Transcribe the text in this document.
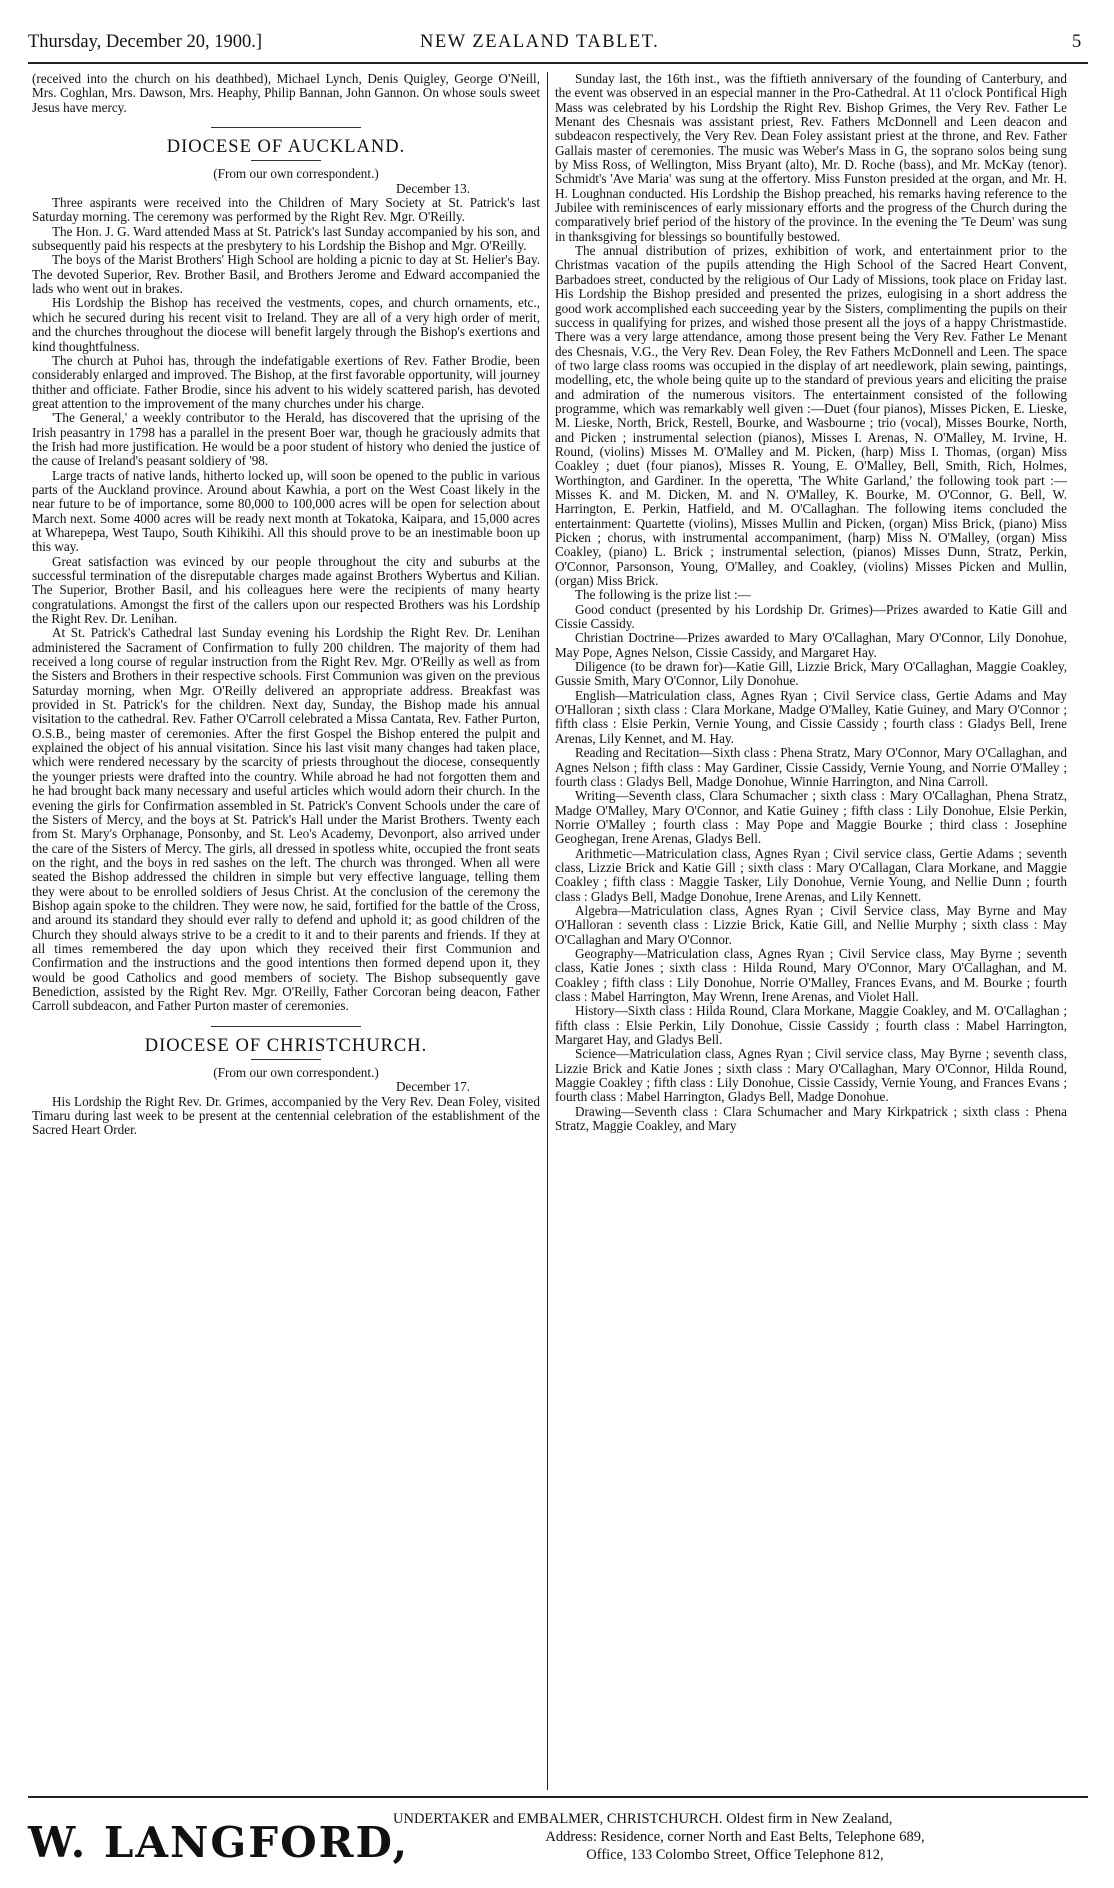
Thursday, December 20, 1900.]	NEW ZEALAND TABLET.	5

(received into the church on his deathbed), Michael Lynch, Denis Quigley, George O'Neill, Mrs. Coghlan, Mrs. Dawson, Mrs. Heaphy, Philip Bannan, John Gannon. On whose souls sweet Jesus have mercy.

DIOCESE OF AUCKLAND.

(From our own correspondent.)

December 13.

Three aspirants were received into the Children of Mary Society at St. Patrick's last Saturday morning. The ceremony was performed by the Right Rev. Mgr. O'Reilly.

The Hon. J. G. Ward attended Mass at St. Patrick's last Sunday accompanied by his son, and subsequently paid his respects at the presbytery to his Lordship the Bishop and Mgr. O'Reilly.

The boys of the Marist Brothers' High School are holding a picnic to day at St. Helier's Bay. The devoted Superior, Rev. Brother Basil, and Brothers Jerome and Edward accompanied the lads who went out in brakes.

His Lordship the Bishop has received the vestments, copes, and church ornaments, etc., which he secured during his recent visit to Ireland. They are all of a very high order of merit, and the churches throughout the diocese will benefit largely through the Bishop's exertions and kind thoughtfulness.

The church at Puhoi has, through the indefatigable exertions of Rev. Father Brodie, been considerably enlarged and improved. The Bishop, at the first favorable opportunity, will journey thither and officiate. Father Brodie, since his advent to his widely scattered parish, has devoted great attention to the improvement of the many churches under his charge.

'The General,' a weekly contributor to the Herald, has discovered that the uprising of the Irish peasantry in 1798 has a parallel in the present Boer war, though he graciously admits that the Irish had more justification. He would be a poor student of history who denied the justice of the cause of Ireland's peasant soldiery of '98.

Large tracts of native lands, hitherto locked up, will soon be opened to the public in various parts of the Auckland province. Around about Kawhia, a port on the West Coast likely in the near future to be of importance, some 80,000 to 100,000 acres will be open for selection about March next. Some 4000 acres will be ready next month at Tokatoka, Kaipara, and 15,000 acres at Wharepepa, West Taupo, South Kihikihi. All this should prove to be an inestimable boon up this way.

Great satisfaction was evinced by our people throughout the city and suburbs at the successful termination of the disreputable charges made against Brothers Wybertus and Kilian. The Superior, Brother Basil, and his colleagues here were the recipients of many hearty congratulations. Amongst the first of the callers upon our respected Brothers was his Lordship the Right Rev. Dr. Lenihan.

At St. Patrick's Cathedral last Sunday evening his Lordship the Right Rev. Dr. Lenihan administered the Sacrament of Confirmation to fully 200 children. The majority of them had received a long course of regular instruction from the Right Rev. Mgr. O'Reilly as well as from the Sisters and Brothers in their respective schools. First Communion was given on the previous Saturday morning, when Mgr. O'Reilly delivered an appropriate address. Breakfast was provided in St. Patrick's for the children. Next day, Sunday, the Bishop made his annual visitation to the cathedral. Rev. Father O'Carroll celebrated a Missa Cantata, Rev. Father Purton, O.S.B., being master of ceremonies. After the first Gospel the Bishop entered the pulpit and explained the object of his annual visitation. Since his last visit many changes had taken place, which were rendered necessary by the scarcity of priests throughout the diocese, consequently the younger priests were drafted into the country. While abroad he had not forgotten them and he had brought back many necessary and useful articles which would adorn their church. In the evening the girls for Confirmation assembled in St. Patrick's Convent Schools under the care of the Sisters of Mercy, and the boys at St. Patrick's Hall under the Marist Brothers. Twenty each from St. Mary's Orphanage, Ponsonby, and St. Leo's Academy, Devonport, also arrived under the care of the Sisters of Mercy. The girls, all dressed in spotless white, occupied the front seats on the right, and the boys in red sashes on the left. The church was thronged. When all were seated the Bishop addressed the children in simple but very effective language, telling them they were about to be enrolled soldiers of Jesus Christ. At the conclusion of the ceremony the Bishop again spoke to the children. They were now, he said, fortified for the battle of the Cross, and around its standard they should ever rally to defend and uphold it; as good children of the Church they should always strive to be a credit to it and to their parents and friends. If they at all times remembered the day upon which they received their first Communion and Confirmation and the instructions and the good intentions then formed depend upon it, they would be good Catholics and good members of society. The Bishop subsequently gave Benediction, assisted by the Right Rev. Mgr. O'Reilly, Father Corcoran being deacon, Father Carroll subdeacon, and Father Purton master of ceremonies.

DIOCESE OF CHRISTCHURCH.

(From our own correspondent.)

December 17.

His Lordship the Right Rev. Dr. Grimes, accompanied by the Very Rev. Dean Foley, visited Timaru during last week to be present at the centennial celebration of the establishment of the Sacred Heart Order.

Sunday last, the 16th inst., was the fiftieth anniversary of the founding of Canterbury, and the event was observed in an especial manner in the Pro-Cathedral. At 11 o'clock Pontifical High Mass was celebrated by his Lordship the Right Rev. Bishop Grimes, the Very Rev. Father Le Menant des Chesnais was assistant priest, Rev. Fathers McDonnell and Leen deacon and subdeacon respectively, the Very Rev. Dean Foley assistant priest at the throne, and Rev. Father Gallais master of ceremonies. The music was Weber's Mass in G, the soprano solos being sung by Miss Ross, of Wellington, Miss Bryant (alto), Mr. D. Roche (bass), and Mr. McKay (tenor). Schmidt's 'Ave Maria' was sung at the offertory. Miss Funston presided at the organ, and Mr. H. H. Loughnan conducted. His Lordship the Bishop preached, his remarks having reference to the Jubilee with reminiscences of early missionary efforts and the progress of the Church during the comparatively brief period of the history of the province. In the evening the 'Te Deum' was sung in thanksgiving for blessings so bountifully bestowed.

The annual distribution of prizes, exhibition of work, and entertainment prior to the Christmas vacation of the pupils attending the High School of the Sacred Heart Convent, Barbadoes street, conducted by the religious of Our Lady of Missions, took place on Friday last. His Lordship the Bishop presided and presented the prizes, eulogising in a short address the good work accomplished each succeeding year by the Sisters, complimenting the pupils on their success in qualifying for prizes, and wished those present all the joys of a happy Christmastide. There was a very large attendance, among those present being the Very Rev. Father Le Menant des Chesnais, V.G., the Very Rev. Dean Foley, the Rev Fathers McDonnell and Leen. The space of two large class rooms was occupied in the display of art needlework, plain sewing, paintings, modelling, etc, the whole being quite up to the standard of previous years and eliciting the praise and admiration of the numerous visitors. The entertainment consisted of the following programme, which was remarkably well given :—Duet (four pianos), Misses Picken, E. Lieske, M. Lieske, North, Brick, Restell, Bourke, and Wasbourne ; trio (vocal), Misses Bourke, North, and Picken ; instrumental selection (pianos), Misses I. Arenas, N. O'Malley, M. Irvine, H. Round, (violins) Misses M. O'Malley and M. Picken, (harp) Miss I. Thomas, (organ) Miss Coakley ; duet (four pianos), Misses R. Young, E. O'Malley, Bell, Smith, Rich, Holmes, Worthington, and Gardiner. In the operetta, 'The White Garland,' the following took part :—Misses K. and M. Dicken, M. and N. O'Malley, K. Bourke, M. O'Connor, G. Bell, W. Harrington, E. Perkin, Hatfield, and M. O'Callaghan. The following items concluded the entertainment: Quartette (violins), Misses Mullin and Picken, (organ) Miss Brick, (piano) Miss Picken ; chorus, with instrumental accompaniment, (harp) Miss N. O'Malley, (organ) Miss Coakley, (piano) L. Brick ; instrumental selection, (pianos) Misses Dunn, Stratz, Perkin, O'Connor, Parsonson, Young, O'Malley, and Coakley, (violins) Misses Picken and Mullin, (organ) Miss Brick.

The following is the prize list :—

Good conduct (presented by his Lordship Dr. Grimes)—Prizes awarded to Katie Gill and Cissie Cassidy.

Christian Doctrine—Prizes awarded to Mary O'Callaghan, Mary O'Connor, Lily Donohue, May Pope, Agnes Nelson, Cissie Cassidy, and Margaret Hay.

Diligence (to be drawn for)—Katie Gill, Lizzie Brick, Mary O'Callaghan, Maggie Coakley, Gussie Smith, Mary O'Connor, Lily Donohue.

English—Matriculation class, Agnes Ryan ; Civil Service class, Gertie Adams and May O'Halloran ; sixth class : Clara Morkane, Madge O'Malley, Katie Guiney, and Mary O'Connor ; fifth class : Elsie Perkin, Vernie Young, and Cissie Cassidy ; fourth class : Gladys Bell, Irene Arenas, Lily Kennet, and M. Hay.

Reading and Recitation—Sixth class : Phena Stratz, Mary O'Connor, Mary O'Callaghan, and Agnes Nelson ; fifth class : May Gardiner, Cissie Cassidy, Vernie Young, and Norrie O'Malley ; fourth class : Gladys Bell, Madge Donohue, Winnie Harrington, and Nina Carroll.

Writing—Seventh class, Clara Schumacher ; sixth class : Mary O'Callaghan, Phena Stratz, Madge O'Malley, Mary O'Connor, and Katie Guiney ; fifth class : Lily Donohue, Elsie Perkin, Norrie O'Malley ; fourth class : May Pope and Maggie Bourke ; third class : Josephine Geoghegan, Irene Arenas, Gladys Bell.

Arithmetic—Matriculation class, Agnes Ryan ; Civil service class, Gertie Adams ; seventh class, Lizzie Brick and Katie Gill ; sixth class : Mary O'Callagan, Clara Morkane, and Maggie Coakley ; fifth class : Maggie Tasker, Lily Donohue, Vernie Young, and Nellie Dunn ; fourth class : Gladys Bell, Madge Donohue, Irene Arenas, and Lily Kennett.

Algebra—Matriculation class, Agnes Ryan ; Civil Service class, May Byrne and May O'Halloran : seventh class : Lizzie Brick, Katie Gill, and Nellie Murphy ; sixth class : May O'Callaghan and Mary O'Connor.

Geography—Matriculation class, Agnes Ryan ; Civil Service class, May Byrne ; seventh class, Katie Jones ; sixth class : Hilda Round, Mary O'Connor, Mary O'Callaghan, and M. Coakley ; fifth class : Lily Donohue, Norrie O'Malley, Frances Evans, and M. Bourke ; fourth class : Mabel Harrington, May Wrenn, Irene Arenas, and Violet Hall.

History—Sixth class : Hilda Round, Clara Morkane, Maggie Coakley, and M. O'Callaghan ; fifth class : Elsie Perkin, Lily Donohue, Cissie Cassidy ; fourth class : Mabel Harrington, Margaret Hay, and Gladys Bell.

Science—Matriculation class, Agnes Ryan ; Civil service class, May Byrne ; seventh class, Lizzie Brick and Katie Jones ; sixth class : Mary O'Callaghan, Mary O'Connor, Hilda Round, Maggie Coakley ; fifth class : Lily Donohue, Cissie Cassidy, Vernie Young, and Frances Evans ; fourth class : Mabel Harrington, Gladys Bell, Madge Donohue.

Drawing—Seventh class : Clara Schumacher and Mary Kirkpatrick ; sixth class : Phena Stratz, Maggie Coakley, and Mary

W. LANGFORD,
UNDERTAKER and EMBALMER, CHRISTCHURCH. Oldest firm in New Zealand,
Address: Residence, corner North and East Belts, Telephone 689,
Office, 133 Colombo Street, Office Telephone 812,
